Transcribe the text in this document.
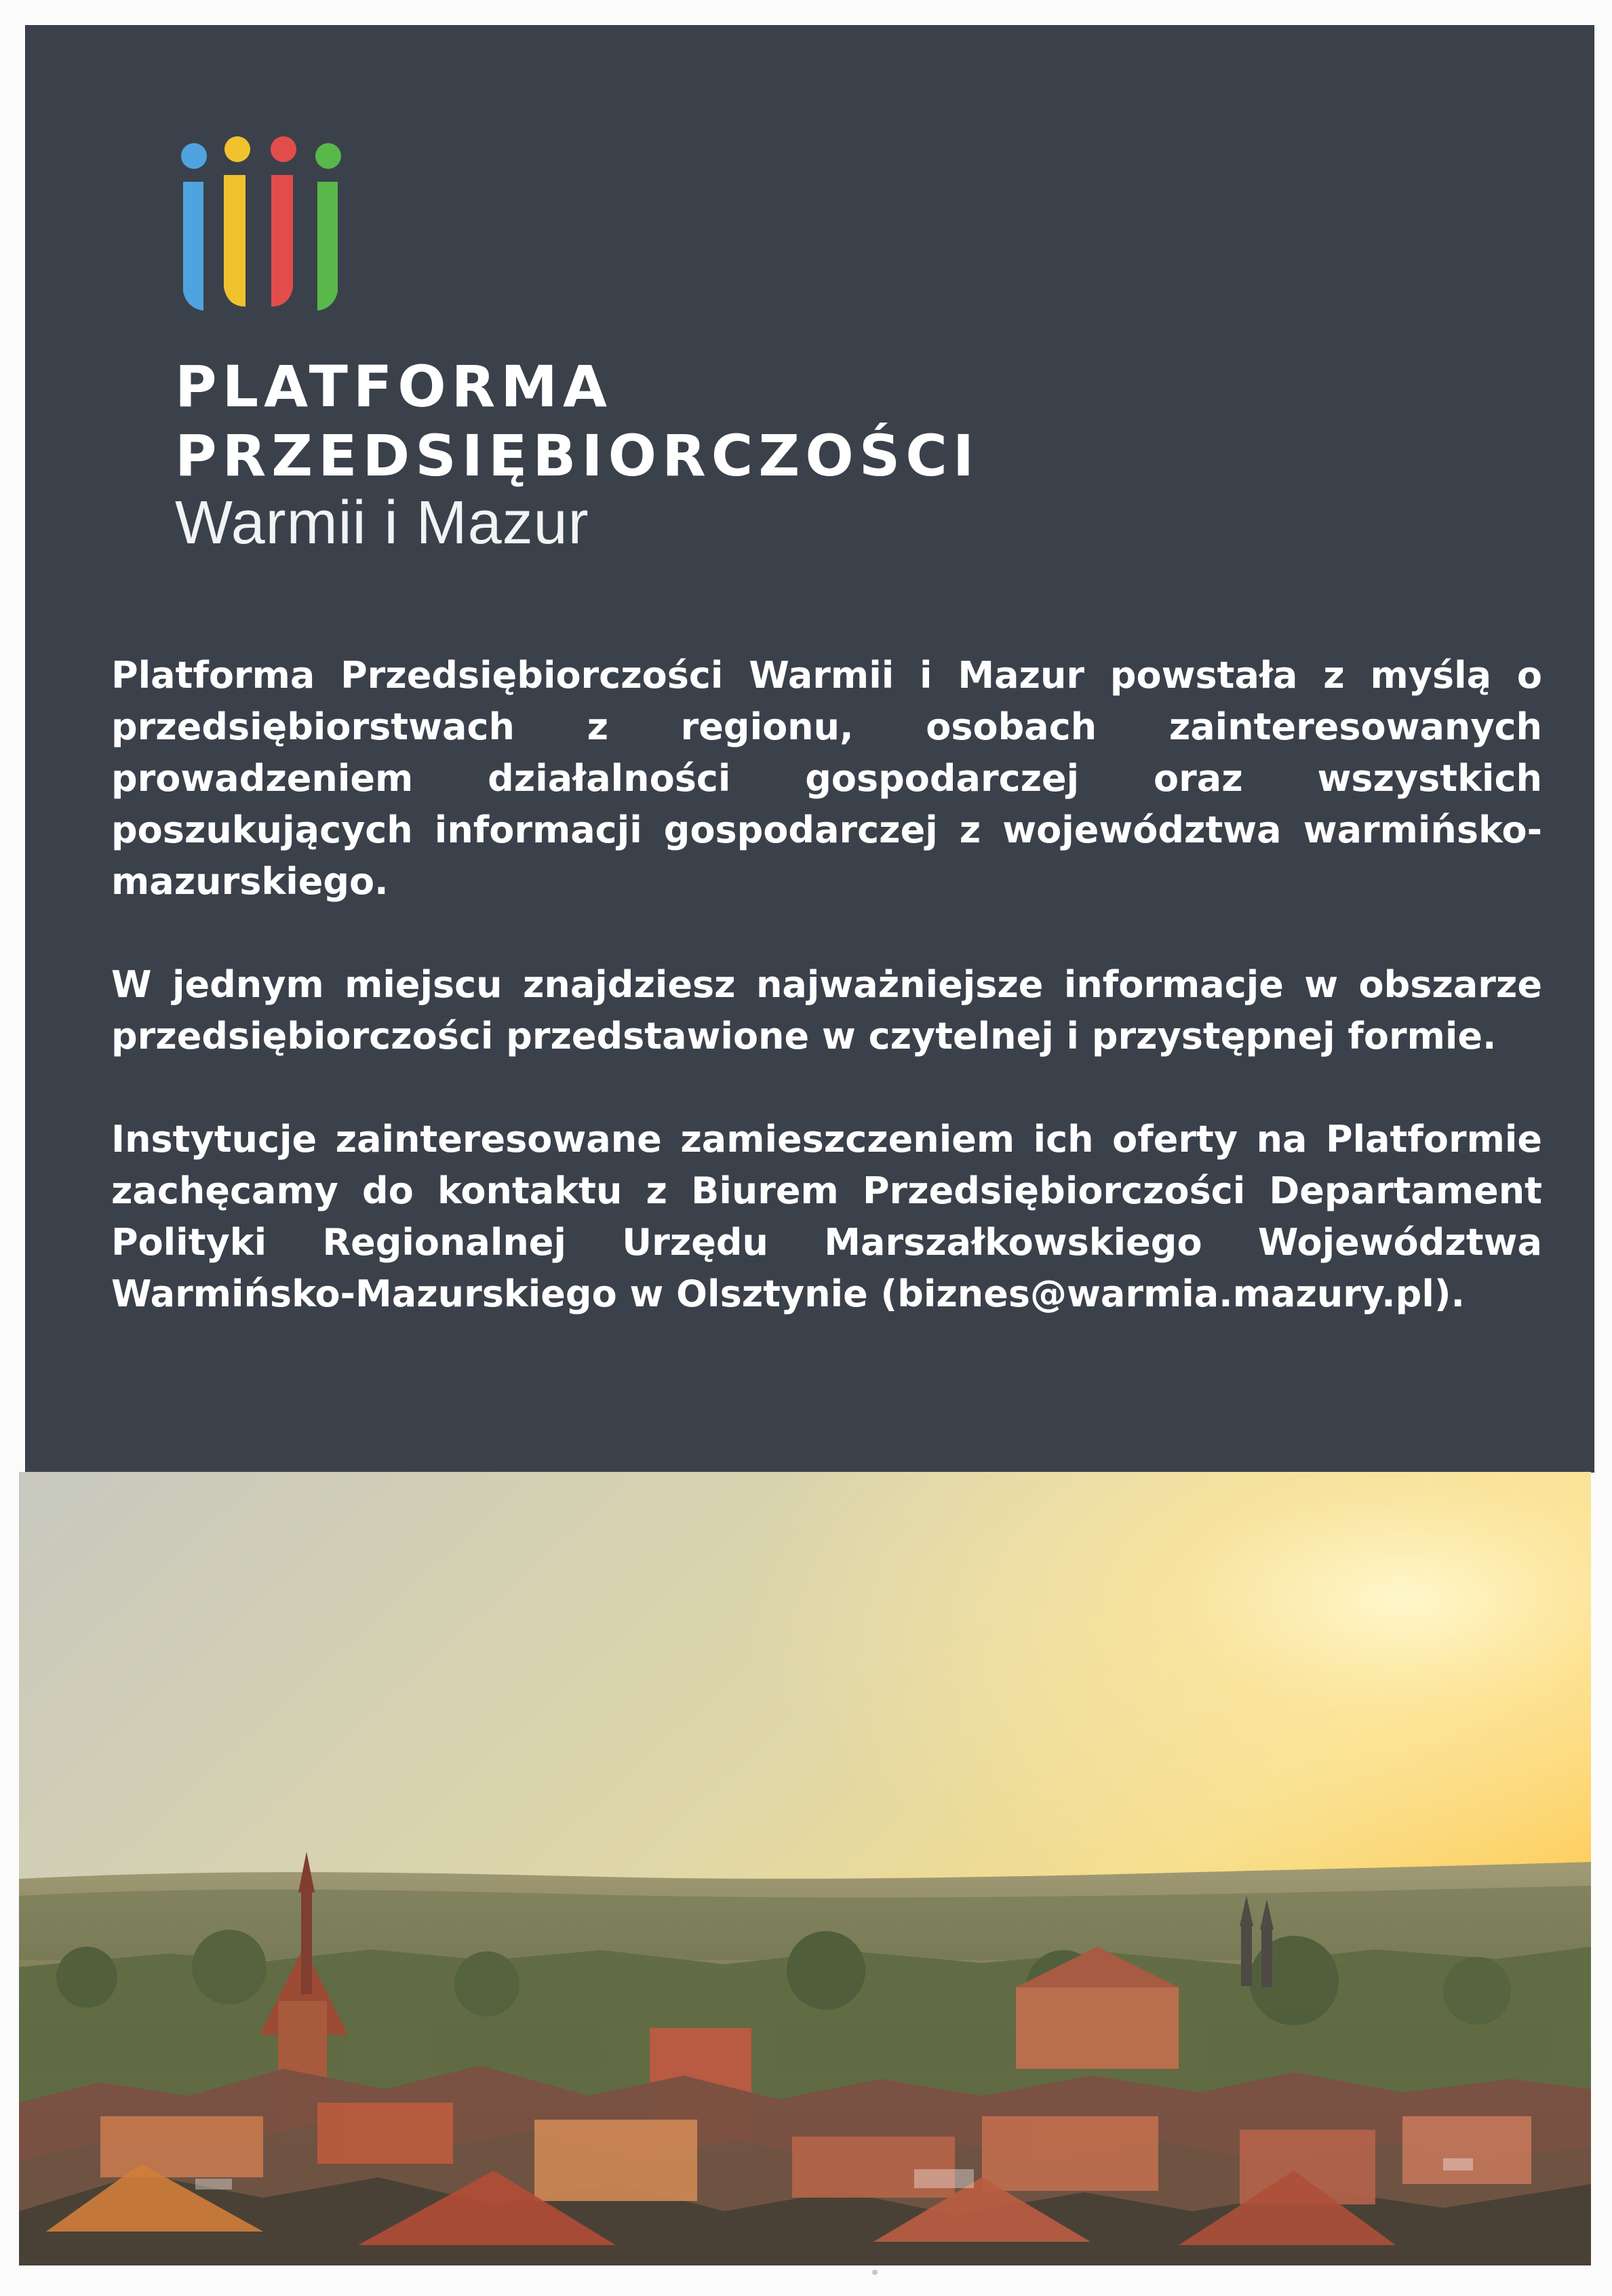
PLATFORMA
PRZEDSIĘBIORCZOŚCI
Warmii i Mazur

Platforma Przedsiębiorczości Warmii i Mazur powstała z myślą o przedsiębiorstwach z regionu, osobach zainteresowanych prowadzeniem działalności gospodarczej oraz wszystkich poszukujących informacji gospodarczej z województwa warmińsko-mazurskiego.

W jednym miejscu znajdziesz najważniejsze informacje w obszarze przedsiębiorczości przedstawione w czytelnej i przystępnej formie.

Instytucje zainteresowane zamieszczeniem ich oferty na Platformie zachęcamy do kontaktu z Biurem Przedsiębiorczości Departament Polityki Regionalnej Urzędu Marszałkowskiego Województwa Warmińsko-Mazurskiego w Olsztynie (biznes@warmia.mazury.pl).
